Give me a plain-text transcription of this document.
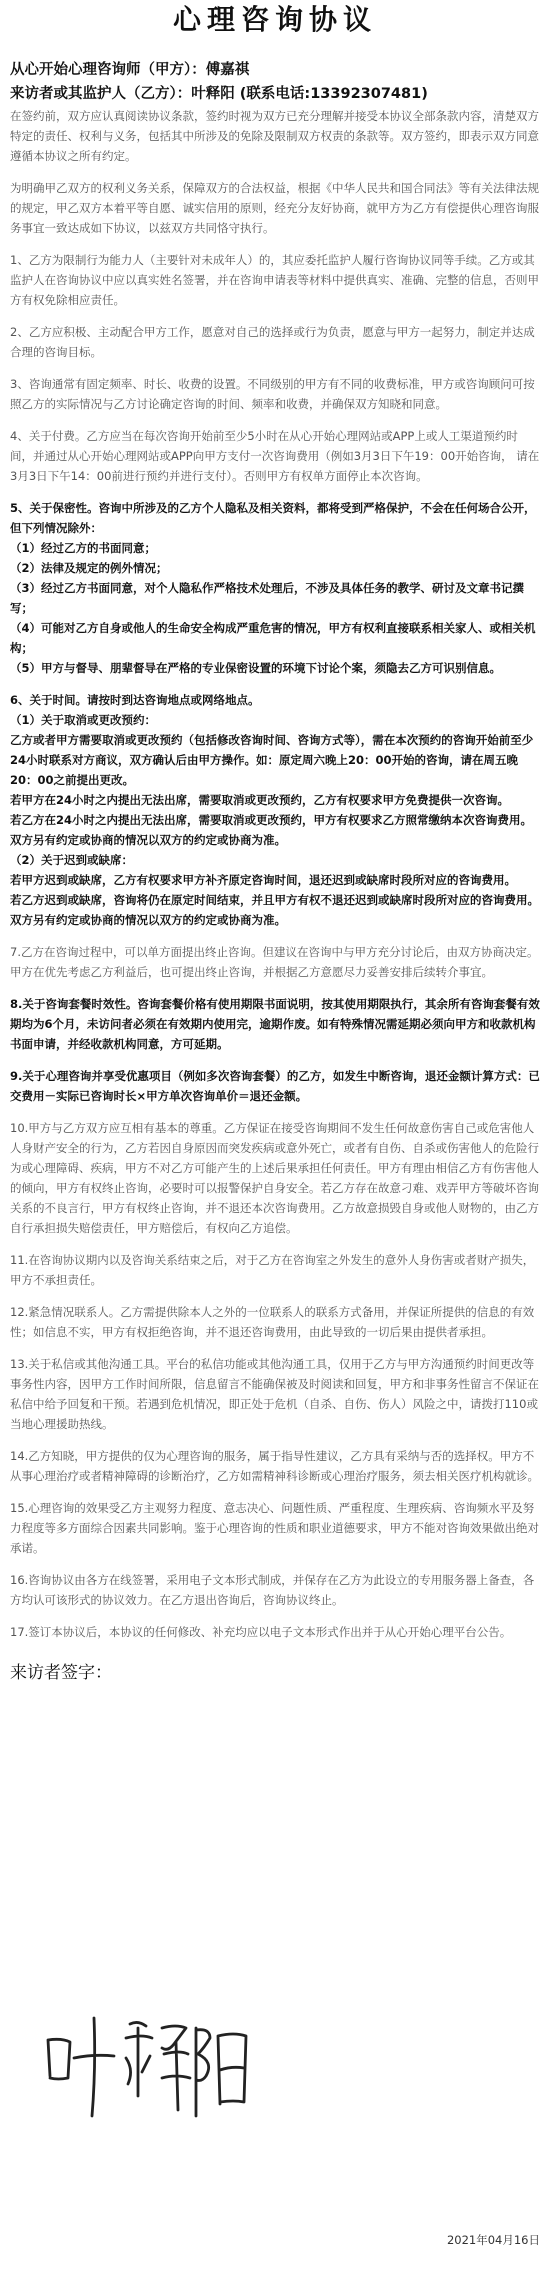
心理咨询协议
从心开始心理咨询师（甲方）：傅嘉祺
来访者或其监护人（乙方）：叶释阳 (联系电话:13392307481)

在签约前，双方应认真阅读协议条款，签约时视为双方已充分理解并接受本协议全部条款内容，清楚双方特定的责任、权利与义务，包括其中所涉及的免除及限制双方权责的条款等。双方签约，即表示双方同意遵循本协议之所有约定。

为明确甲乙双方的权利义务关系，保障双方的合法权益，根据《中华人民共和国合同法》等有关法律法规的规定，甲乙双方本着平等自愿、诚实信用的原则，经充分友好协商，就甲方为乙方有偿提供心理咨询服务事宜一致达成如下协议，以兹双方共同恪守执行。

1、乙方为限制行为能力人（主要针对未成年人）的，其应委托监护人履行咨询协议同等手续。乙方或其监护人在咨询协议中应以真实姓名签署，并在咨询申请表等材料中提供真实、准确、完整的信息，否则甲方有权免除相应责任。

2、乙方应积极、主动配合甲方工作，愿意对自己的选择或行为负责，愿意与甲方一起努力，制定并达成合理的咨询目标。

3、咨询通常有固定频率、时长、收费的设置。不同级别的甲方有不同的收费标准，甲方或咨询顾问可按照乙方的实际情况与乙方讨论确定咨询的时间、频率和收费，并确保双方知晓和同意。

4、关于付费。乙方应当在每次咨询开始前至少5小时在从心开始心理网站或APP上或人工渠道预约时间，并通过从心开始心理网站或APP向甲方支付一次咨询费用（例如3月3日下午19：00开始咨询， 请在3月3日下午14：00前进行预约并进行支付）。否则甲方有权单方面停止本次咨询。

5、关于保密性。咨询中所涉及的乙方个人隐私及相关资料，都将受到严格保护，不会在任何场合公开，但下列情况除外：

（1）经过乙方的书面同意；

（2）法律及规定的例外情况；

（3）经过乙方书面同意，对个人隐私作严格技术处理后，不涉及具体任务的教学、研讨及文章书记撰写；

（4）可能对乙方自身或他人的生命安全构成严重危害的情况，甲方有权利直接联系相关家人、或相关机构；

（5）甲方与督导、朋辈督导在严格的专业保密设置的环境下讨论个案，须隐去乙方可识别信息。

6、关于时间。请按时到达咨询地点或网络地点。

（1）关于取消或更改预约：

乙方或者甲方需要取消或更改预约（包括修改咨询时间、咨询方式等），需在本次预约的咨询开始前至少24小时联系对方商议，双方确认后由甲方操作。如：原定周六晚上20：00开始的咨询，请在周五晚20：00之前提出更改。

若甲方在24小时之内提出无法出席，需要取消或更改预约，乙方有权要求甲方免费提供一次咨询。

若乙方在24小时之内提出无法出席，需要取消或更改预约，甲方有权要求乙方照常缴纳本次咨询费用。

双方另有约定或协商的情况以双方的约定或协商为准。

（2）关于迟到或缺席：

若甲方迟到或缺席，乙方有权要求甲方补齐原定咨询时间，退还迟到或缺席时段所对应的咨询费用。

若乙方迟到或缺席，咨询将仍在原定时间结束，并且甲方有权不退还迟到或缺席时段所对应的咨询费用。

双方另有约定或协商的情况以双方的约定或协商为准。

7.乙方在咨询过程中，可以单方面提出终止咨询。但建议在咨询中与甲方充分讨论后，由双方协商决定。甲方在优先考虑乙方利益后，也可提出终止咨询，并根据乙方意愿尽力妥善安排后续转介事宜。

8.关于咨询套餐时效性。咨询套餐价格有使用期限书面说明，按其使用期限执行，其余所有咨询套餐有效期均为6个月，未访问者必须在有效期内使用完，逾期作废。如有特殊情况需延期必须向甲方和收款机构书面申请，并经收款机构同意，方可延期。

9.关于心理咨询并享受优惠项目（例如多次咨询套餐）的乙方，如发生中断咨询，退还金额计算方式：已交费用－实际已咨询时长×甲方单次咨询单价＝退还金额。

10.甲方与乙方双方应互相有基本的尊重。乙方保证在接受咨询期间不发生任何故意伤害自己或危害他人人身财产安全的行为，乙方若因自身原因而突发疾病或意外死亡，或者有自伤、自杀或伤害他人的危险行为或心理障碍、疾病，甲方不对乙方可能产生的上述后果承担任何责任。甲方有理由相信乙方有伤害他人的倾向，甲方有权终止咨询，必要时可以报警保护自身安全。若乙方存在故意刁难、戏弄甲方等破坏咨询关系的不良言行，甲方有权终止咨询，并不退还本次咨询费用。乙方故意损毁自身或他人财物的，由乙方自行承担损失赔偿责任，甲方赔偿后，有权向乙方追偿。

11.在咨询协议期内以及咨询关系结束之后，对于乙方在咨询室之外发生的意外人身伤害或者财产损失，甲方不承担责任。

12.紧急情况联系人。乙方需提供除本人之外的一位联系人的联系方式备用，并保证所提供的信息的有效性；如信息不实，甲方有权拒绝咨询，并不退还咨询费用，由此导致的一切后果由提供者承担。

13.关于私信或其他沟通工具。平台的私信功能或其他沟通工具，仅用于乙方与甲方沟通预约时间更改等事务性内容，因甲方工作时间所限，信息留言不能确保被及时阅读和回复，甲方和非事务性留言不保证在私信中给予回复和干预。若遇到危机情况，即正处于危机（自杀、自伤、伤人）风险之中，请拨打110或当地心理援助热线。

14.乙方知晓，甲方提供的仅为心理咨询的服务，属于指导性建议，乙方具有采纳与否的选择权。甲方不从事心理治疗或者精神障碍的诊断治疗，乙方如需精神科诊断或心理治疗服务，须去相关医疗机构就诊。

15.心理咨询的效果受乙方主观努力程度、意志决心、问题性质、严重程度、生理疾病、咨询频水平及努力程度等多方面综合因素共同影响。鉴于心理咨询的性质和职业道德要求，甲方不能对咨询效果做出绝对承诺。

16.咨询协议由各方在线签署，采用电子文本形式制成，并保存在乙方为此设立的专用服务器上备查，各方均认可该形式的协议效力。在乙方退出咨询后，咨询协议终止。

17.签订本协议后，本协议的任何修改、补充均应以电子文本形式作出并于从心开始心理平台公告。

来访者签字：
2021年04月16日
